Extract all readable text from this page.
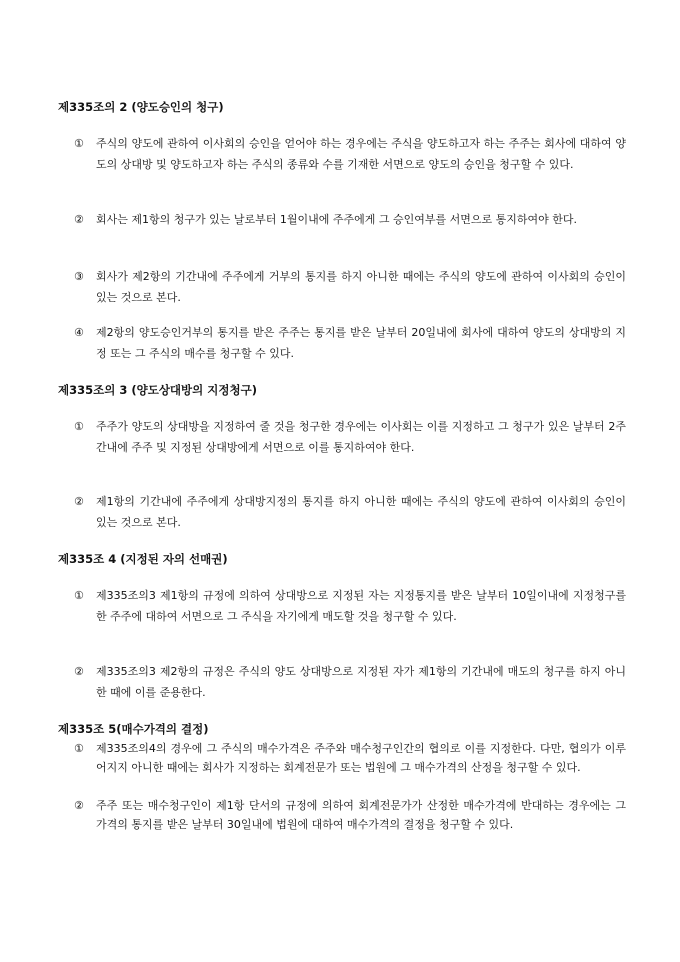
제335조의 2 (양도승인의 청구)
①	주식의 양도에 관하여 이사회의 승인을 얻어야 하는 경우에는 주식을 양도하고자 하는 주주는 회사에 대하여 양도의 상대방 및 양도하고자 하는 주식의 종류와 수를 기재한 서면으로 양도의 승인을 청구할 수 있다.
②	회사는 제1항의 청구가 있는 날로부터 1월이내에 주주에게 그 승인여부를 서면으로 통지하여야 한다.
③	회사가 제2항의 기간내에 주주에게 거부의 통지를 하지 아니한 때에는 주식의 양도에 관하여 이사회의 승인이 있는 것으로 본다.
④	제2항의 양도승인거부의 통지를 받은 주주는 통지를 받은 날부터 20일내에 회사에 대하여 양도의 상대방의 지정 또는 그 주식의 매수를 청구할 수 있다.
제335조의 3 (양도상대방의 지정청구)
①	주주가 양도의 상대방을 지정하여 줄 것을 청구한 경우에는 이사회는 이를 지정하고 그 청구가 있은 날부터 2주간내에 주주 및 지정된 상대방에게 서면으로 이를 통지하여야 한다.
②	제1항의 기간내에 주주에게 상대방지정의 통지를 하지 아니한 때에는 주식의 양도에 관하여 이사회의 승인이 있는 것으로 본다.
제335조 4 (지정된 자의 선매권)
①	제335조의3 제1항의 규정에 의하여 상대방으로 지정된 자는 지정통지를 받은 날부터 10일이내에 지정청구를 한 주주에 대하여 서면으로 그 주식을 자기에게 매도할 것을 청구할 수 있다.
②	제335조의3 제2항의 규정은 주식의 양도 상대방으로 지정된 자가 제1항의 기간내에 매도의 청구를 하지 아니한 때에 이를 준용한다.
제335조 5(매수가격의 결정)
①	제335조의4의 경우에 그 주식의 매수가격은 주주와 매수청구인간의 협의로 이를 지정한다. 다만, 협의가 이루어지지 아니한 때에는 회사가 지정하는 회계전문가 또는 법원에 그 매수가격의 산정을 청구할 수 있다.
②	주주 또는 매수청구인이 제1항 단서의 규정에 의하여 회계전문가가 산정한 매수가격에 반대하는 경우에는 그 가격의 통지를 받은 날부터 30일내에 법원에 대하여 매수가격의 결정을 청구할 수 있다.
